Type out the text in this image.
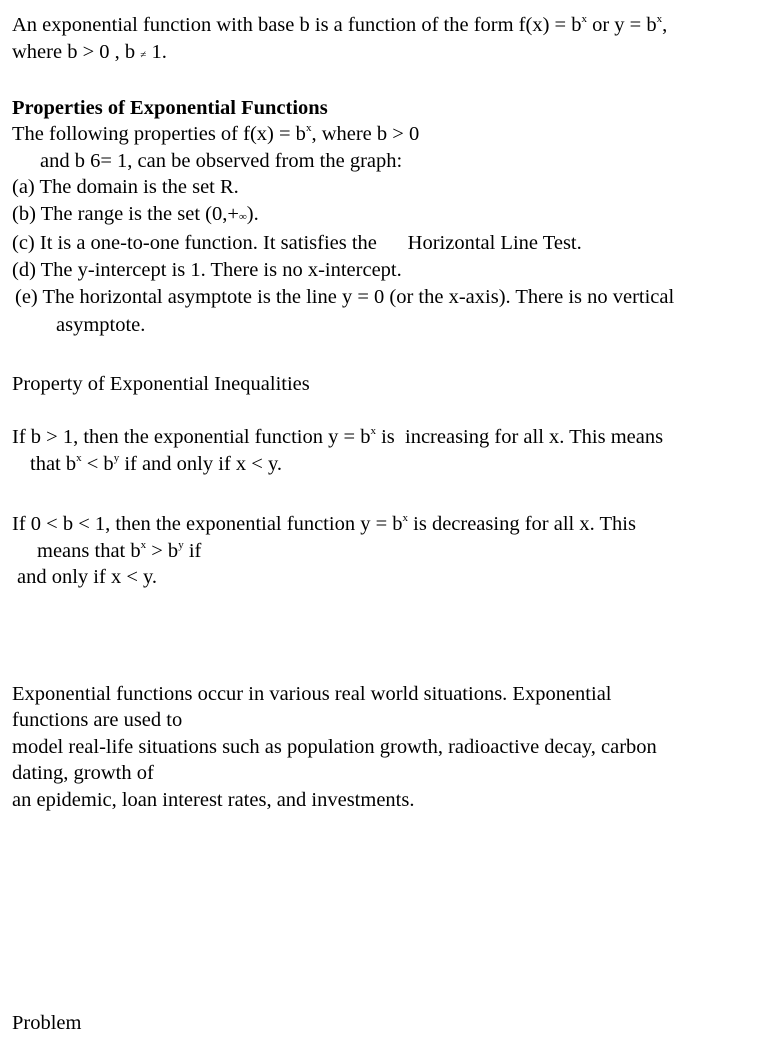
An exponential function with base b is a function of the form $f(x) = b^x$ or $y = b^x$,

where b > 0 , b ≠ 1.

Properties of Exponential Functions

The following properties of $f(x) = b^x$, where b > 0

and b 6= 1, can be observed from the graph:

(a) The domain is the set R.

(b) The range is the set (0,+∞).

(c) It is a one-to-one function. It satisfies the      Horizontal Line Test.

(d) The y-intercept is 1. There is no x-intercept.

(e) The horizontal asymptote is the line y = 0 (or the x-axis). There is no vertical

asymptote.

Property of Exponential Inequalities

If b > 1, then the exponential function $y = b^x$ is  increasing for all x. This means

that $b^x < b^y$ if and only if x < y.

If 0 < b < 1, then the exponential function $y = b^x$ is decreasing for all x. This

means that $b^x > b^y$ if

and only if x < y.

Exponential functions occur in various real world situations. Exponential

functions are used to

model real-life situations such as population growth, radioactive decay, carbon

dating, growth of

an epidemic, loan interest rates, and investments.

Problem
